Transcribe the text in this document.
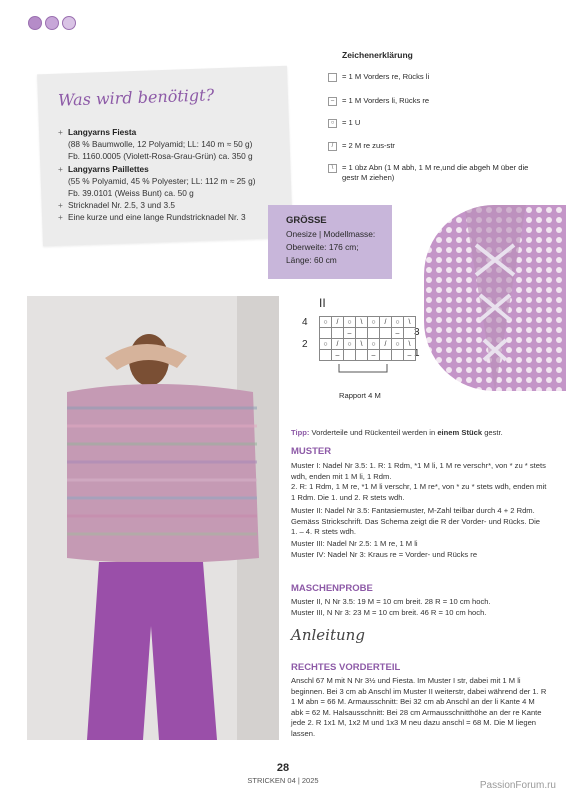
Was wird benötigt?
+ Langyarns Fiesta
(88 % Baumwolle, 12 Polyamid; LL: 140 m ≈ 50 g)
Fb. 1160.0005 (Violett-Rosa-Grau-Grün) ca. 350 g
+ Langyarns Paillettes
(55 % Polyamid, 45 % Polyester; LL: 112 m ≈ 25 g)
Fb. 39.0101 (Weiss Bunt) ca. 50 g
+ Stricknadel Nr. 2.5, 3 und 3.5
+ Eine kurze und eine lange Rundstricknadel Nr. 3	GRÖSSE
Onesize | Modellmasse:
Oberweite: 176 cm;
Länge: 60 cm
Zeichenerklärung
= 1 M Vorders re, Rücks li
–	= 1 M Vorders li, Rücks re
○	= 1 U
/	= 2 M re zus-str
\	= 1 übz Abn (1 M abh, 1 M re,und die abgeh M über die gestr M ziehen)
II
4
2
3
1
○	/	○	\	○	/	○	\
		–				–	
○	/	○	\	○	/	○	\
	–			–			–
Rapport 4 M
Tipp: Vorderteile und Rückenteil werden in einem Stück gestr.
MUSTER
Muster I: Nadel Nr 3.5: 1. R: 1 Rdm, *1 M li, 1 M re verschr*, von * zu * stets wdh, enden mit 1 M li, 1 Rdm.
2. R: 1 Rdm, 1 M re, *1 M li verschr, 1 M re*, von * zu * stets wdh, enden mit 1 Rdm. Die 1. und 2. R stets wdh.
Muster II: Nadel Nr 3.5: Fantasiemuster, M-Zahl teilbar durch 4 + 2 Rdm. Gemäss Strickschrift. Das Schema zeigt die R der Vorder- und Rücks. Die 1. – 4. R stets wdh.
Muster III: Nadel Nr 2.5: 1 M re, 1 M li
Muster IV: Nadel Nr 3: Kraus re = Vorder- und Rücks re
MASCHENPROBE
Muster II, N Nr 3.5: 19 M = 10 cm breit. 28 R = 10 cm hoch.
Muster III, N Nr 3: 23 M = 10 cm breit. 46 R = 10 cm hoch.
Anleitung
RECHTES VORDERTEIL
Anschl 67 M mit N Nr 3½ und Fiesta. Im Muster I str, dabei mit 1 M li beginnen. Bei 3 cm ab Anschl im Muster II weiterstr, dabei während der 1. R 1 M abn = 66 M. Armausschnitt: Bei 32 cm ab Anschl an der li Kante 4 M abk = 62 M. Halsausschnitt: Bei 28 cm Armausschnitthöhe an der re Kante jede 2. R 1x1 M, 1x2 M und 1x3 M neu dazu anschl = 68 M. Die M liegen lassen.
28
STRICKEN 04 | 2025	PassionForum.ru
